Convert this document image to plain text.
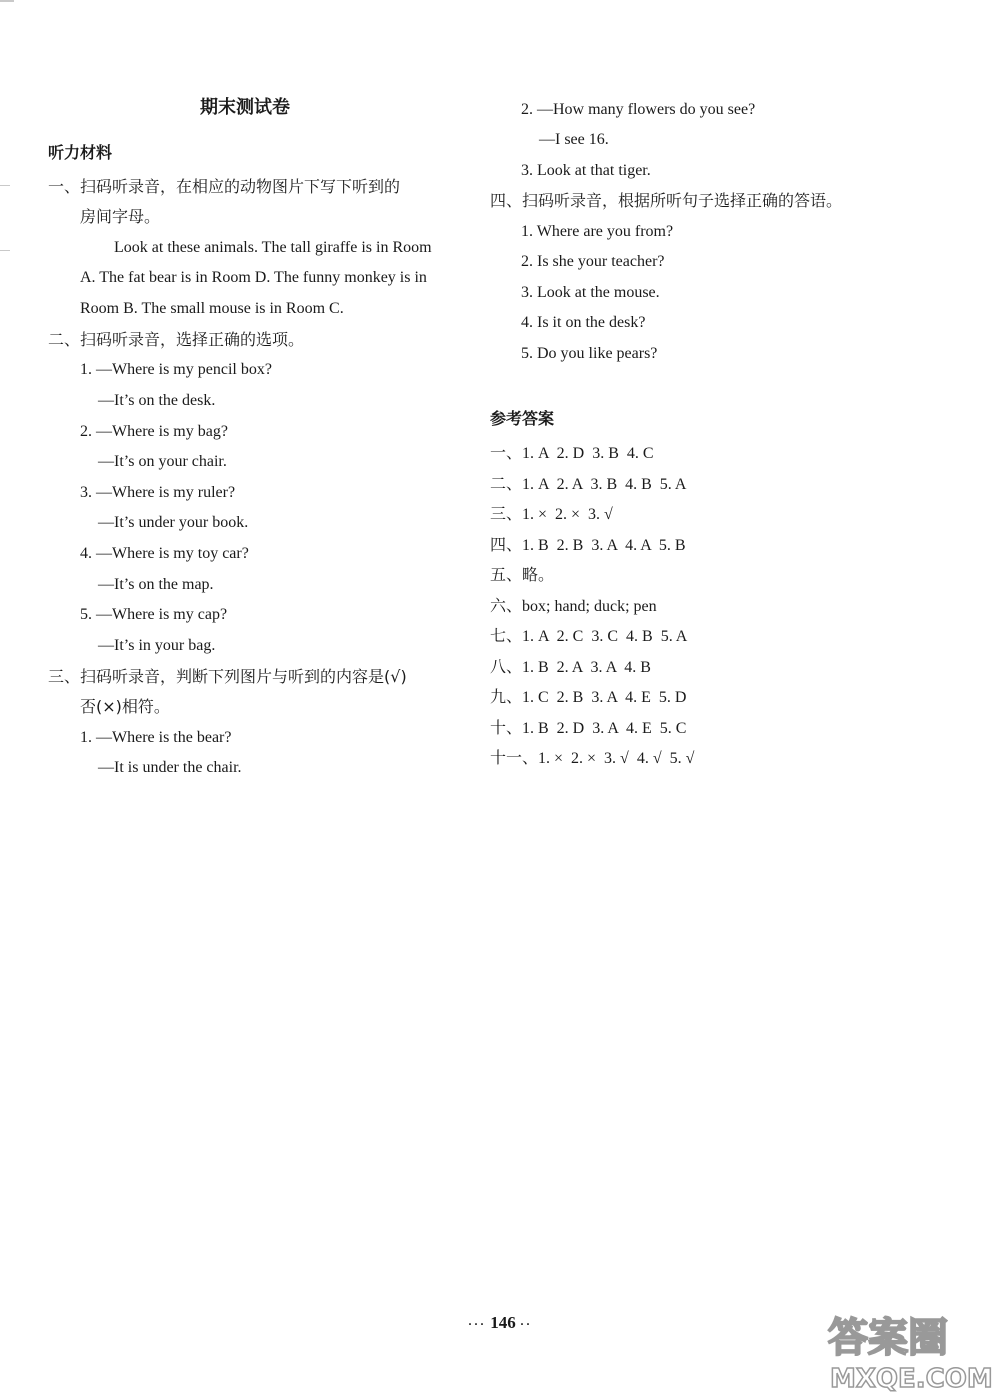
期末测试卷
听力材料
一、扫码听录音，在相应的动物图片下写下听到的
房间字母。
Look at these animals. The tall giraffe is in Room
A. The fat bear is in Room D. The funny monkey is in
Room B. The small mouse is in Room C.
二、扫码听录音，选择正确的选项。
1. —Where is my pencil box?
—It’s on the desk.
2. —Where is my bag?
—It’s on your chair.
3. —Where is my ruler?
—It’s under your book.
4. —Where is my toy car?
—It’s on the map.
5. —Where is my cap?
—It’s in your bag.
三、扫码听录音，判断下列图片与听到的内容是(√)
否(×)相符。
1. —Where is the bear?
—It is under the chair.
2. —How many flowers do you see?
—I see 16.
3. Look at that tiger.
四、扫码听录音，根据所听句子选择正确的答语。
1. Where are you from?
2. Is she your teacher?
3. Look at the mouse.
4. Is it on the desk?
5. Do you like pears?
参考答案
一、1. A  2. D  3. B  4. C
二、1. A  2. A  3. B  4. B  5. A
三、1. ×  2. ×  3. √
四、1. B  2. B  3. A  4. A  5. B
五、略。
六、box; hand; duck; pen
七、1. A  2. C  3. C  4. B  5. A
八、1. B  2. A  3. A  4. B
九、1. C  2. B  3. A  4. E  5. D
十、1. B  2. D  3. A  4. E  5. C
十一、1. ×  2. ×  3. √  4. √  5. √
··· 146 ··	答案圈
MXQE.COM
